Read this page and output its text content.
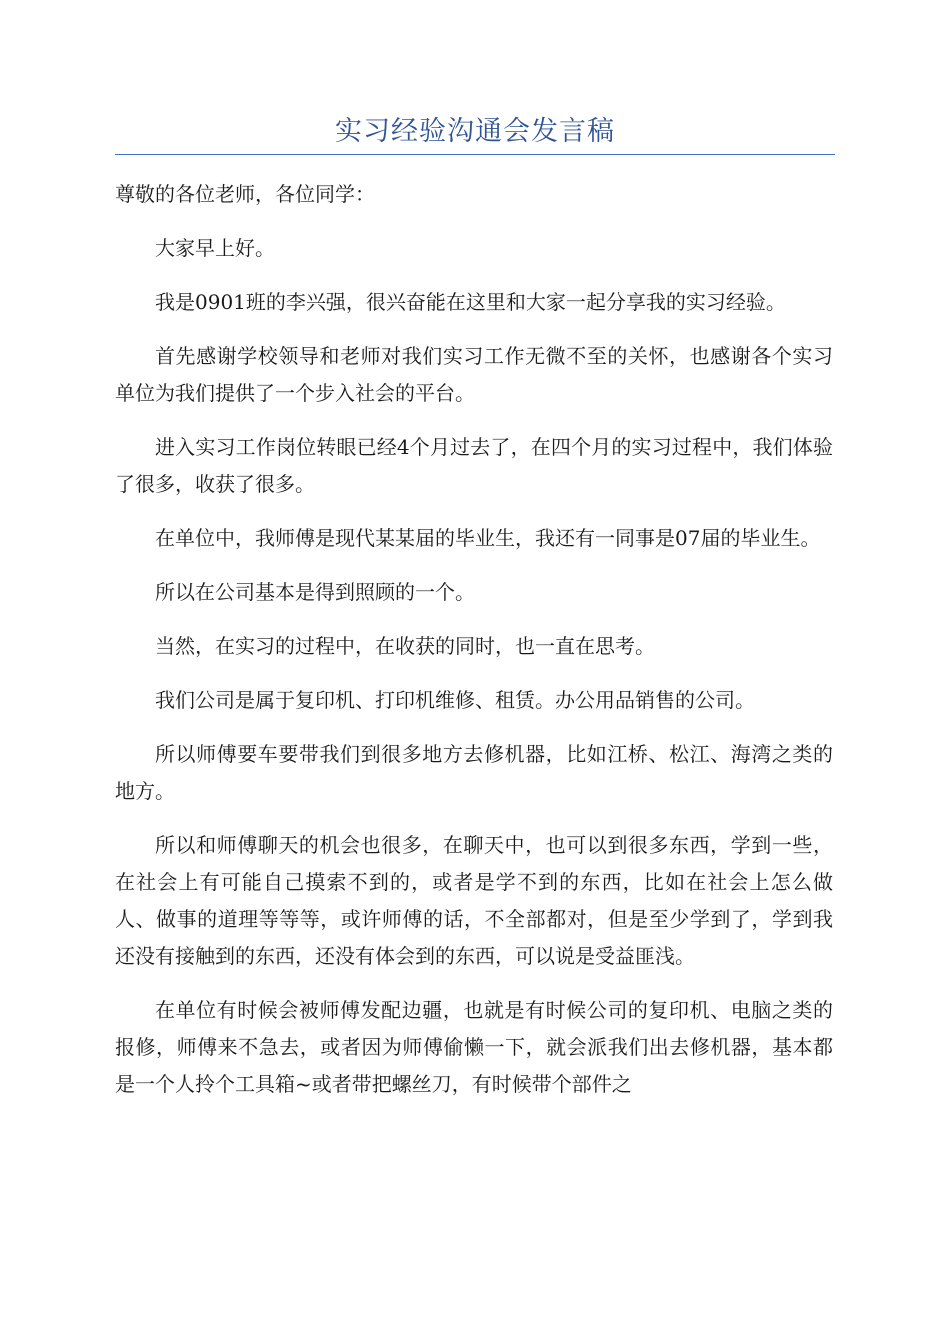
实习经验沟通会发言稿

尊敬的各位老师，各位同学：

大家早上好。

我是0901班的李兴强，很兴奋能在这里和大家一起分享我的实习经验。

首先感谢学校领导和老师对我们实习工作无微不至的关怀，也感谢各个实习单位为我们提供了一个步入社会的平台。

进入实习工作岗位转眼已经4个月过去了，在四个月的实习过程中，我们体验了很多，收获了很多。

在单位中，我师傅是现代某某届的毕业生，我还有一同事是07届的毕业生。

所以在公司基本是得到照顾的一个。

当然，在实习的过程中，在收获的同时，也一直在思考。

我们公司是属于复印机、打印机维修、租赁。办公用品销售的公司。

所以师傅要车要带我们到很多地方去修机器，比如江桥、松江、海湾之类的地方。

所以和师傅聊天的机会也很多，在聊天中，也可以到很多东西，学到一些，在社会上有可能自己摸索不到的，或者是学不到的东西，比如在社会上怎么做人、做事的道理等等等，或许师傅的话，不全部都对，但是至少学到了，学到我还没有接触到的东西，还没有体会到的东西，可以说是受益匪浅。

在单位有时候会被师傅发配边疆，也就是有时候公司的复印机、电脑之类的报修，师傅来不急去，或者因为师傅偷懒一下，就会派我们出去修机器，基本都是一个人拎个工具箱~或者带把螺丝刀，有时候带个部件之
